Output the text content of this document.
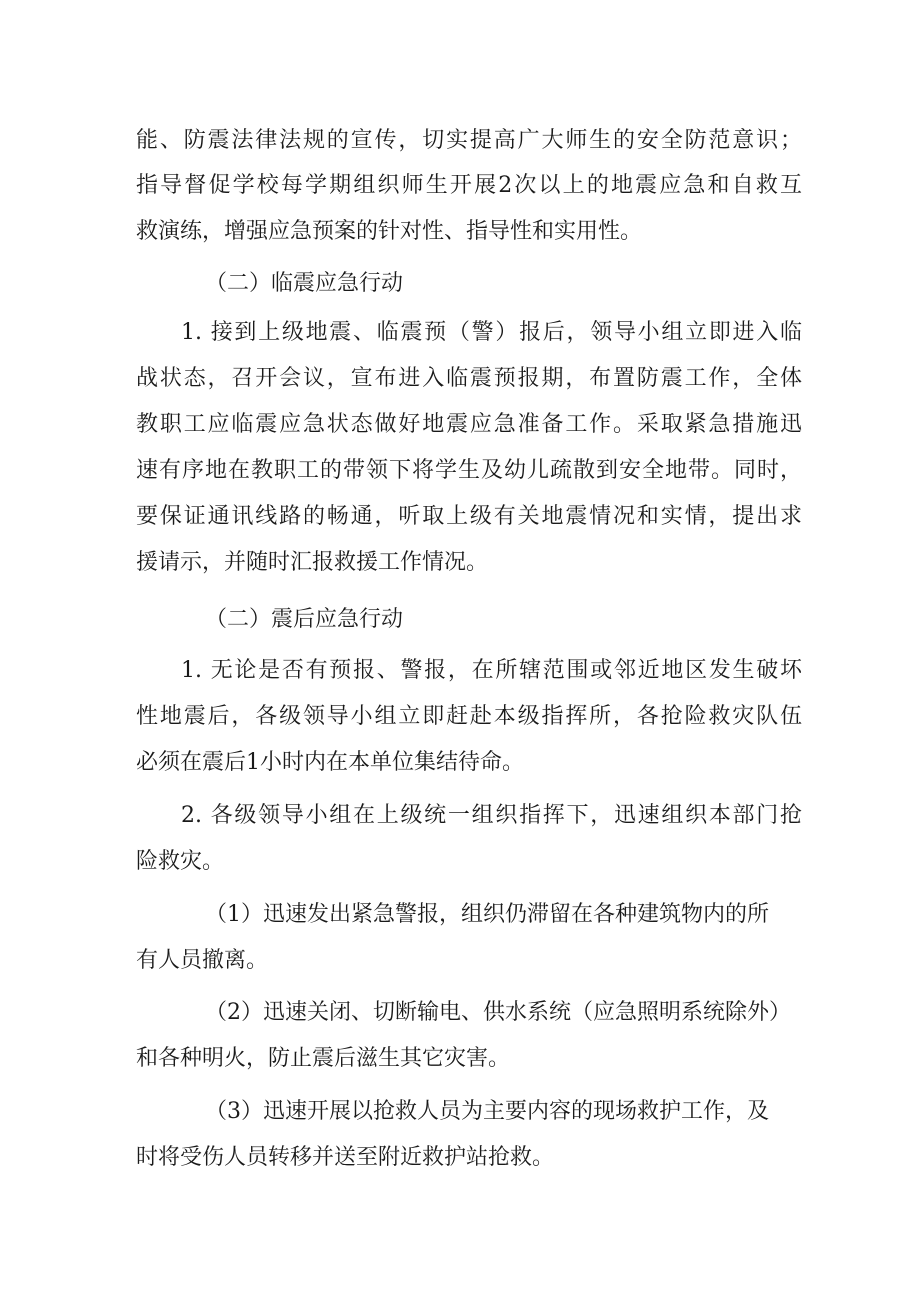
能、防震法律法规的宣传，切实提高广大师生的安全防范意识；
指导督促学校每学期组织师生开展2次以上的地震应急和自救互
救演练，增强应急预案的针对性、指导性和实用性。
（二）临震应急行动
1. 接到上级地震、临震预（警）报后，领导小组立即进入临
战状态，召开会议，宣布进入临震预报期，布置防震工作，全体
教职工应临震应急状态做好地震应急准备工作。采取紧急措施迅
速有序地在教职工的带领下将学生及幼儿疏散到安全地带。同时，
要保证通讯线路的畅通，听取上级有关地震情况和实情，提出求
援请示，并随时汇报救援工作情况。
（二）震后应急行动
1. 无论是否有预报、警报，在所辖范围或邻近地区发生破坏
性地震后，各级领导小组立即赶赴本级指挥所，各抢险救灾队伍
必须在震后1小时内在本单位集结待命。
2. 各级领导小组在上级统一组织指挥下，迅速组织本部门抢
险救灾。
（1）迅速发出紧急警报，组织仍滞留在各种建筑物内的所
有人员撤离。
（2）迅速关闭、切断输电、供水系统（应急照明系统除外）
和各种明火，防止震后滋生其它灾害。
（3）迅速开展以抢救人员为主要内容的现场救护工作，及
时将受伤人员转移并送至附近救护站抢救。
